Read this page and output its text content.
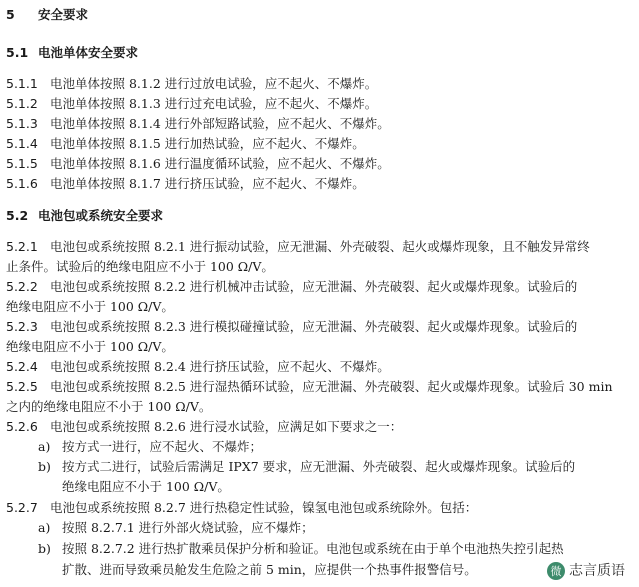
5 安全要求
5.1 电池单体安全要求
5.1.1 电池单体按照 8.1.2 进行过放电试验，应不起火、不爆炸。
5.1.2 电池单体按照 8.1.3 进行过充电试验，应不起火、不爆炸。
5.1.3 电池单体按照 8.1.4 进行外部短路试验，应不起火、不爆炸。
5.1.4 电池单体按照 8.1.5 进行加热试验，应不起火、不爆炸。
5.1.5 电池单体按照 8.1.6 进行温度循环试验，应不起火、不爆炸。
5.1.6 电池单体按照 8.1.7 进行挤压试验，应不起火、不爆炸。
5.2 电池包或系统安全要求
5.2.1 电池包或系统按照 8.2.1 进行振动试验，应无泄漏、外壳破裂、起火或爆炸现象，且不触发异常终
止条件。试验后的绝缘电阻应不小于 100 Ω/V。
5.2.2 电池包或系统按照 8.2.2 进行机械冲击试验，应无泄漏、外壳破裂、起火或爆炸现象。试验后的
绝缘电阻应不小于 100 Ω/V。
5.2.3 电池包或系统按照 8.2.3 进行模拟碰撞试验，应无泄漏、外壳破裂、起火或爆炸现象。试验后的
绝缘电阻应不小于 100 Ω/V。
5.2.4 电池包或系统按照 8.2.4 进行挤压试验，应不起火、不爆炸。
5.2.5 电池包或系统按照 8.2.5 进行湿热循环试验，应无泄漏、外壳破裂、起火或爆炸现象。试验后 30 min
之内的绝缘电阻应不小于 100 Ω/V。
5.2.6 电池包或系统按照 8.2.6 进行浸水试验，应满足如下要求之一：
a) 按方式一进行，应不起火、不爆炸；
b) 按方式二进行，试验后需满足 IPX7 要求，应无泄漏、外壳破裂、起火或爆炸现象。试验后的
绝缘电阻应不小于 100 Ω/V。
5.2.7 电池包或系统按照 8.2.7 进行热稳定性试验，镍氢电池包或系统除外。包括：
a) 按照 8.2.7.1 进行外部火烧试验，应不爆炸；
b) 按照 8.2.7.2 进行热扩散乘员保护分析和验证。电池包或系统在由于单个电池热失控引起热
扩散、进而导致乘员舱发生危险之前 5 min，应提供一个热事件报警信号。	微 志言质语
